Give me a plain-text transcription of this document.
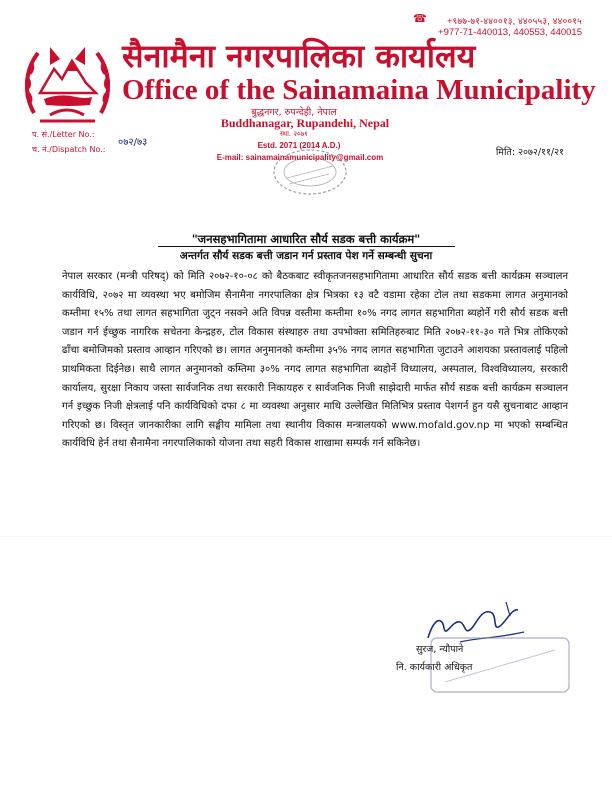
☎ +९७७-७१-४४००१३, ४४०५५३, ४४००१५
+977-71-440013, 440553, 440015
सैनामैना नगरपालिका कार्यालय
Office of the Sainamaina Municipality
बुद्धनगर, रुपन्देही, नेपाल
Buddhanagar, Rupandehi, Nepal
स्था. २०७१
Estd. 2071 (2014 A.D.)
E-mail: sainamainamunicipality@gmail.com
प. सं./Letter No.:
च. नं./Dispatch No.:
०७२/७३
मिति: २०७२/११/२१
"जनसहभागितामा आधारित सौर्य सडक बत्ती कार्यक्रम"
अन्तर्गत सौर्य सडक बत्ती जडान गर्न प्रस्ताव पेश गर्ने सम्बन्धी सुचना
नेपाल सरकार (मन्त्री परिषद्) को मिति २०७२-१०-०८ को बैठकबाट स्वीकृतजनसहभागितामा आधारित सौर्य सडक बत्ती कार्यक्रम सञ्चालन कार्यविधि, २०७२ मा व्यवस्था भए बमोजिम सैनामैना नगरपालिका क्षेत्र भित्रका १३ वटै वडामा रहेका टोल तथा सडकमा लागत अनुमानको कम्तीमा १५% तथा लागत सहभागिता जुट्न नसक्ने अति विपन्न वस्तीमा कम्तीमा १०% नगद लागत सहभागिता ब्यहोर्ने गरी सौर्य सडक बत्ती जडान गर्न ईच्छुक नागरिक सचेतना केन्द्रहरु, टोल विकास संस्थाहरु तथा उपभोक्ता समितिहरुबाट मिति २०७२-११-३० गते भित्र तोकिएको ढाँचा बमोजिमको प्रस्ताव आव्हान गरिएको छ। लागत अनुमानको कम्तीमा ३५% नगद लागत सहभागिता जुटाउने आशयका प्रस्तावलाई पहिलो प्राथमिकता दिईनेछ। साथै लागत अनुमानको कम्तिमा ३०% नगद लागत सहभागिता ब्यहोर्ने विध्यालय, अस्पताल, विश्वविध्यालय, सरकारी कार्यालय, सुरक्षा निकाय जस्ता सार्वजनिक तथा सरकारी निकायहरु र सार्वजनिक निजी साझेदारी मार्फत सौर्य सडक बत्ती कार्यक्रम सञ्चालन गर्न इच्छुक निजी क्षेत्रलाई पनि कार्यविधिको दफा ८ मा व्यवस्था अनुसार माथि उल्लेखित मितिभित्र प्रस्ताव पेशगर्न हुन यसै सुचनाबाट आव्हान गरिएको छ। विस्तृत जानकारीका लागि सङ्घीय मामिला तथा स्थानीय विकास मन्त्रालयको www.mofald.gov.np मा भएको सम्बन्धित कार्यविधि हेर्न तथा सैनामैना नगरपालिकाको योजना तथा सहरी विकास शाखामा सम्पर्क गर्न सकिनेछ।
सुरज, न्यौपाने
नि. कार्यकारी अधिकृत
